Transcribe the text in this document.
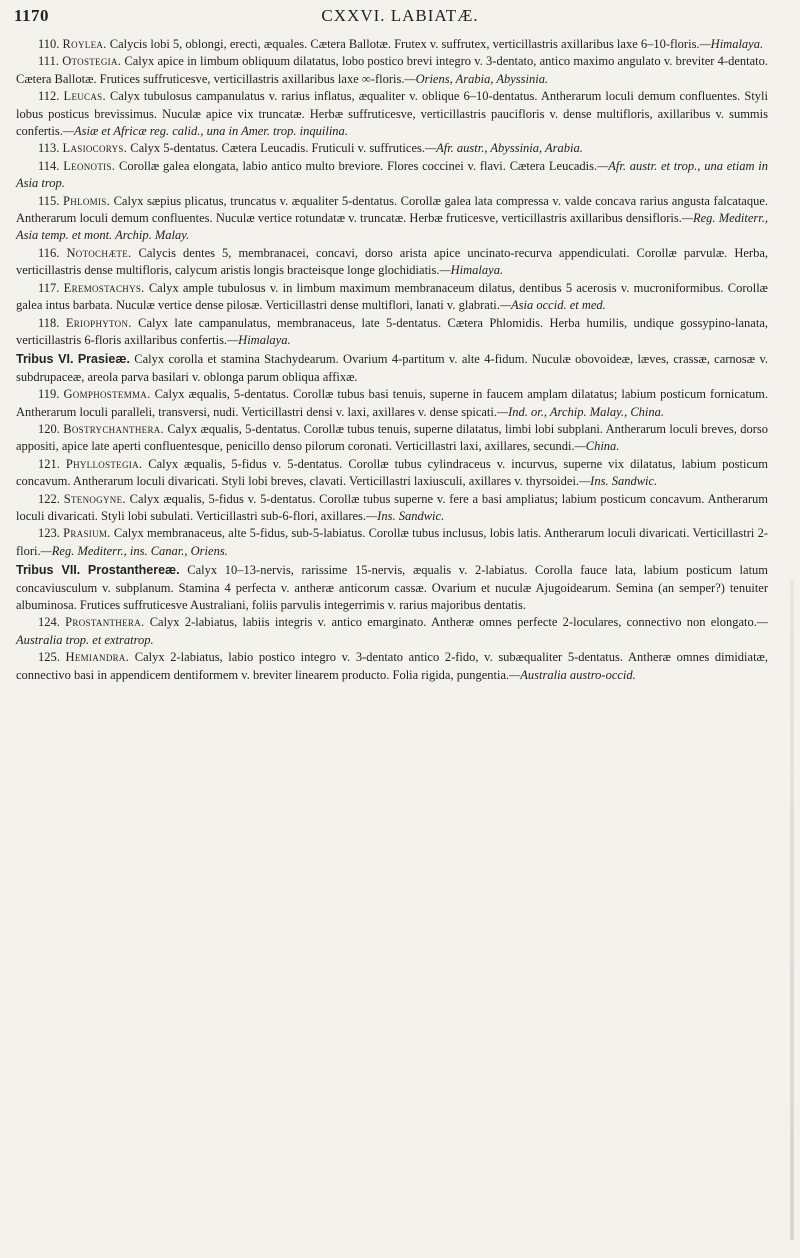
1170	CXXVI. LABIATÆ.

110. Roylea. Calycis lobi 5, oblongi, erecti, æquales. Cætera Ballotæ. Frutex v. suffrutex, verticillastris axillaribus laxe 6–10-floris.—Himalaya.

111. Otostegia. Calyx apice in limbum obliquum dilatatus, lobo postico brevi integro v. 3-dentato, antico maximo angulato v. breviter 4-dentato. Cætera Ballotæ. Frutices suffruticesve, verticillastris axillaribus laxe ∞-floris.—Oriens, Arabia, Abyssinia.

112. Leucas. Calyx tubulosus campanulatus v. rarius inflatus, æqualiter v. oblique 6–10-dentatus. Antherarum loculi demum confluentes. Styli lobus posticus brevissimus. Nuculæ apice vix truncatæ. Herbæ suffruticesve, verticillastris paucifloris v. dense multifloris, axillaribus v. summis confertis.—Asiæ et Africæ reg. calid., una in Amer. trop. inquilina.

113. Lasiocorys. Calyx 5-dentatus. Cætera Leucadis. Fruticuli v. suffrutices.—Afr. austr., Abyssinia, Arabia.

114. Leonotis. Corollæ galea elongata, labio antico multo breviore. Flores coccinei v. flavi. Cætera Leucadis.—Afr. austr. et trop., una etiam in Asia trop.

115. Phlomis. Calyx sæpius plicatus, truncatus v. æqualiter 5-dentatus. Corollæ galea lata compressa v. valde concava rarius angusta falcataque. Antherarum loculi demum confluentes. Nuculæ vertice rotundatæ v. truncatæ. Herbæ fruticesve, verticillastris axillaribus densifloris.—Reg. Mediterr., Asia temp. et mont. Archip. Malay.

116. Notochæte. Calycis dentes 5, membranacei, concavi, dorso arista apice uncinato-recurva appendiculati. Corollæ parvulæ. Herba, verticillastris dense multifloris, calycum aristis longis bracteisque longe glochidiatis.—Himalaya.

117. Eremostachys. Calyx ample tubulosus v. in limbum maximum membranaceum dilatus, dentibus 5 acerosis v. mucroniformibus. Corollæ galea intus barbata. Nuculæ vertice dense pilosæ. Verticillastri dense multiflori, lanati v. glabrati.—Asia occid. et med.

118. Eriophyton. Calyx late campanulatus, membranaceus, late 5-dentatus. Cætera Phlomidis. Herba humilis, undique gossypino-lanata, verticillastris 6-floris axillaribus confertis.—Himalaya.

Tribus VI. Prasieæ. Calyx corolla et stamina Stachydearum. Ovarium 4-partitum v. alte 4-fidum. Nuculæ obovoideæ, læves, crassæ, carnosæ v. subdrupaceæ, areola parva basilari v. oblonga parum obliqua affixæ.

119. Gomphostemma. Calyx æqualis, 5-dentatus. Corollæ tubus basi tenuis, superne in faucem amplam dilatatus; labium posticum fornicatum. Antherarum loculi paralleli, transversi, nudi. Verticillastri densi v. laxi, axillares v. dense spicati.—Ind. or., Archip. Malay., China.

120. Bostrychanthera. Calyx æqualis, 5-dentatus. Corollæ tubus tenuis, superne dilatatus, limbi lobi subplani. Antherarum loculi breves, dorso appositi, apice late aperti confluentesque, penicillo denso pilorum coronati. Verticillastri laxi, axillares, secundi.—China.

121. Phyllostegia. Calyx æqualis, 5-fidus v. 5-dentatus. Corollæ tubus cylindraceus v. incurvus, superne vix dilatatus, labium posticum concavum. Antherarum loculi divaricati. Styli lobi breves, clavati. Verticillastri laxiusculi, axillares v. thyrsoidei.—Ins. Sandwic.

122. Stenogyne. Calyx æqualis, 5-fidus v. 5-dentatus. Corollæ tubus superne v. fere a basi ampliatus; labium posticum concavum. Antherarum loculi divaricati. Styli lobi subulati. Verticillastri sub-6-flori, axillares.—Ins. Sandwic.

123. Prasium. Calyx membranaceus, alte 5-fidus, sub-5-labiatus. Corollæ tubus inclusus, lobis latis. Antherarum loculi divaricati. Verticillastri 2-flori.—Reg. Mediterr., ins. Canar., Oriens.

Tribus VII. Prostanthereæ. Calyx 10–13-nervis, rarissime 15-nervis, æqualis v. 2-labiatus. Corolla fauce lata, labium posticum latum concaviusculum v. subplanum. Stamina 4 perfecta v. antheræ anticorum cassæ. Ovarium et nuculæ Ajugoidearum. Semina (an semper?) tenuiter albuminosa. Frutices suffruticesve Australiani, foliis parvulis integerrimis v. rarius majoribus dentatis.

124. Prostanthera. Calyx 2-labiatus, labiis integris v. antico emarginato. Antheræ omnes perfecte 2-loculares, connectivo non elongato.—Australia trop. et extratrop.

125. Hemiandra. Calyx 2-labiatus, labio postico integro v. 3-dentato antico 2-fido, v. subæqualiter 5-dentatus. Antheræ omnes dimidiatæ, connectivo basi in appendicem dentiformem v. breviter linearem producto. Folia rigida, pungentia.—Australia austro-occid.
